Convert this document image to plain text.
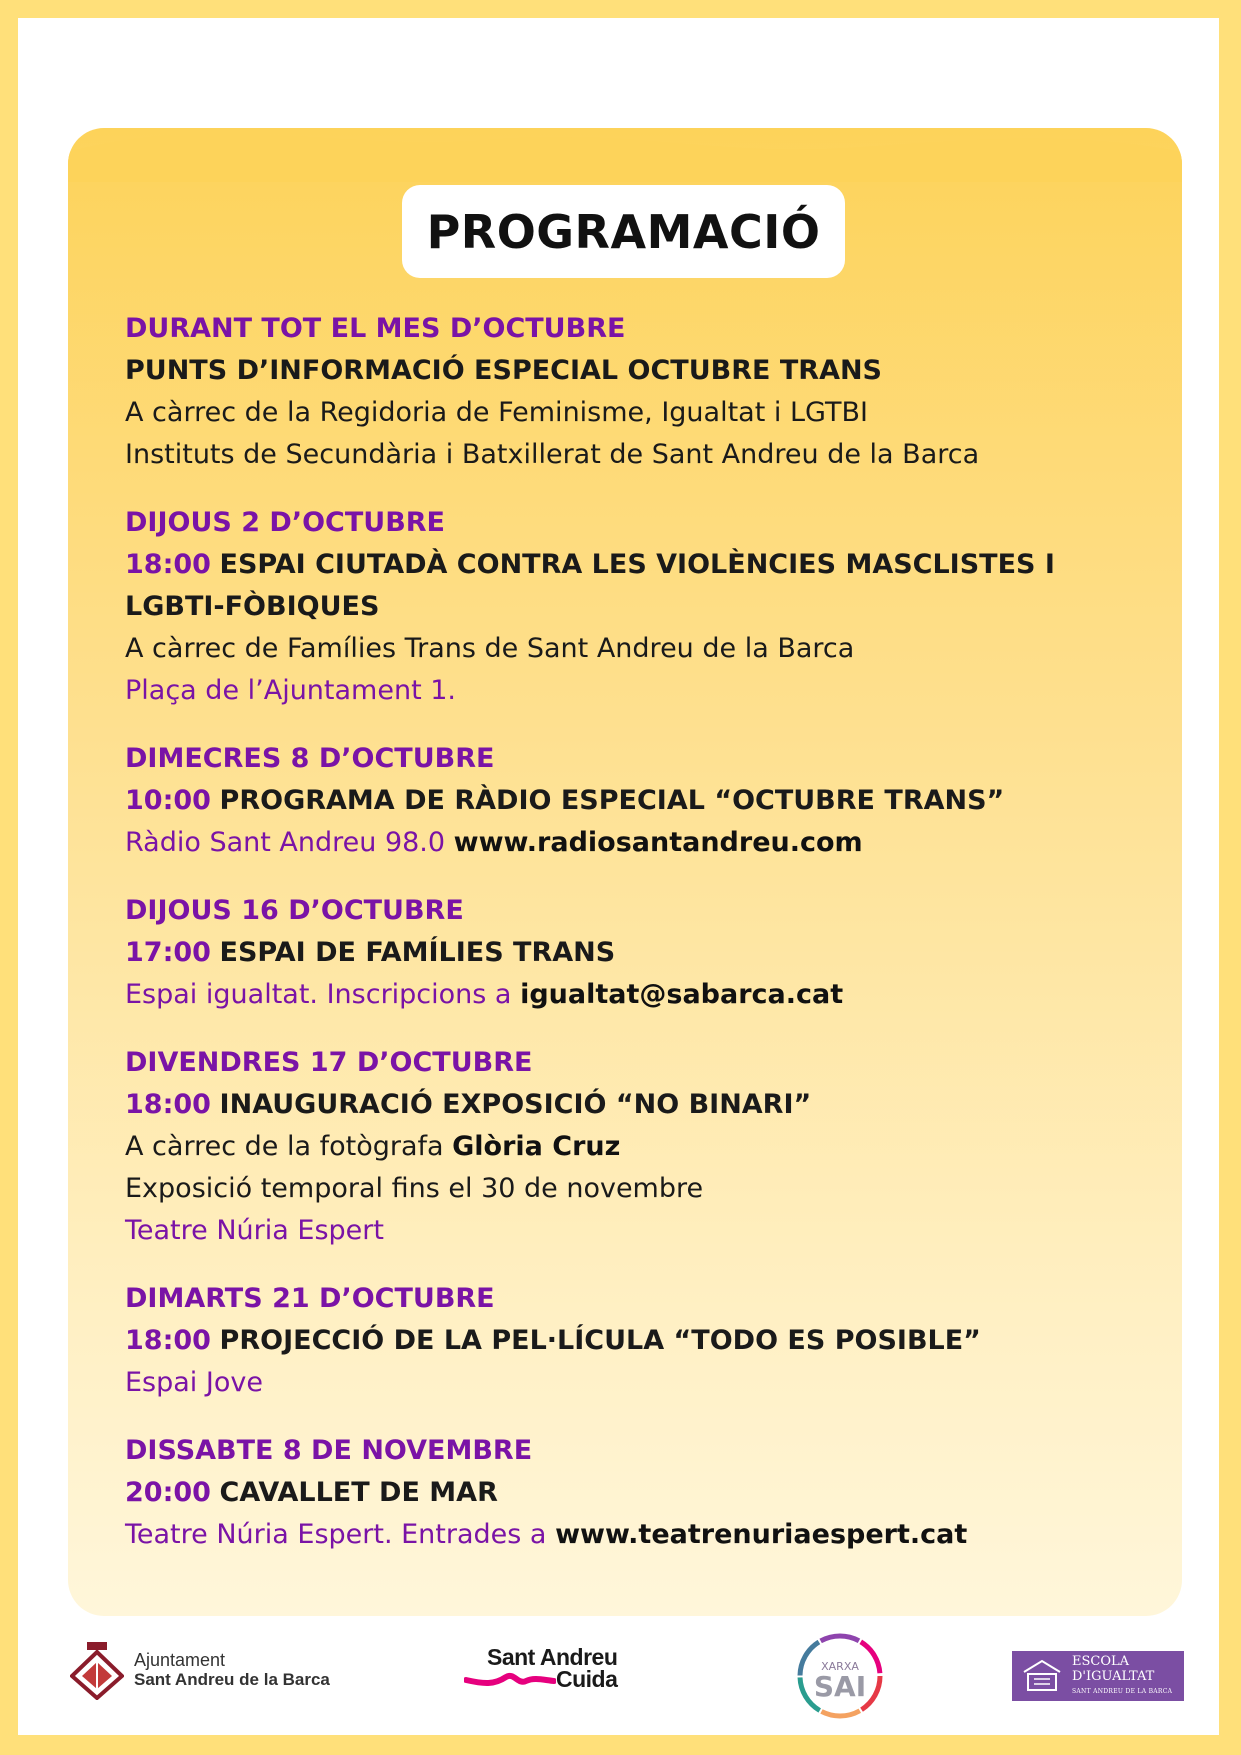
PROGRAMACIÓ
DURANT TOT EL MES D’OCTUBRE
PUNTS D’INFORMACIÓ ESPECIAL OCTUBRE TRANS
A càrrec de la Regidoria de Feminisme, Igualtat i LGTBI
Instituts de Secundària i Batxillerat de Sant Andreu de la Barca
DIJOUS 2 D’OCTUBRE
18:00 ESPAI CIUTADÀ CONTRA LES VIOLÈNCIES MASCLISTES I LGBTI-FÒBIQUES
A càrrec de Famílies Trans de Sant Andreu de la Barca
Plaça de l’Ajuntament 1.
DIMECRES 8 D’OCTUBRE
10:00 PROGRAMA DE RÀDIO ESPECIAL “OCTUBRE TRANS”
Ràdio Sant Andreu 98.0 www.radiosantandreu.com
DIJOUS 16 D’OCTUBRE
17:00 ESPAI DE FAMÍLIES TRANS
Espai igualtat. Inscripcions a igualtat@sabarca.cat
DIVENDRES 17 D’OCTUBRE
18:00 INAUGURACIÓ EXPOSICIÓ “NO BINARI”
A càrrec de la fotògrafa Glòria Cruz
Exposició temporal fins el 30 de novembre
Teatre Núria Espert
DIMARTS 21 D’OCTUBRE
18:00 PROJECCIÓ DE LA PEL·LÍCULA “TODO ES POSIBLE”
Espai Jove
DISSABTE 8 DE NOVEMBRE
20:00 CAVALLET DE MAR
Teatre Núria Espert. Entrades a www.teatrenuriaespert.cat
Ajuntament
Sant Andreu de la Barca
Sant Andreu
Cuida	XARXA
SAI
ESCOLA
D'IGUALTAT
SANT ANDREU DE LA BARCA
